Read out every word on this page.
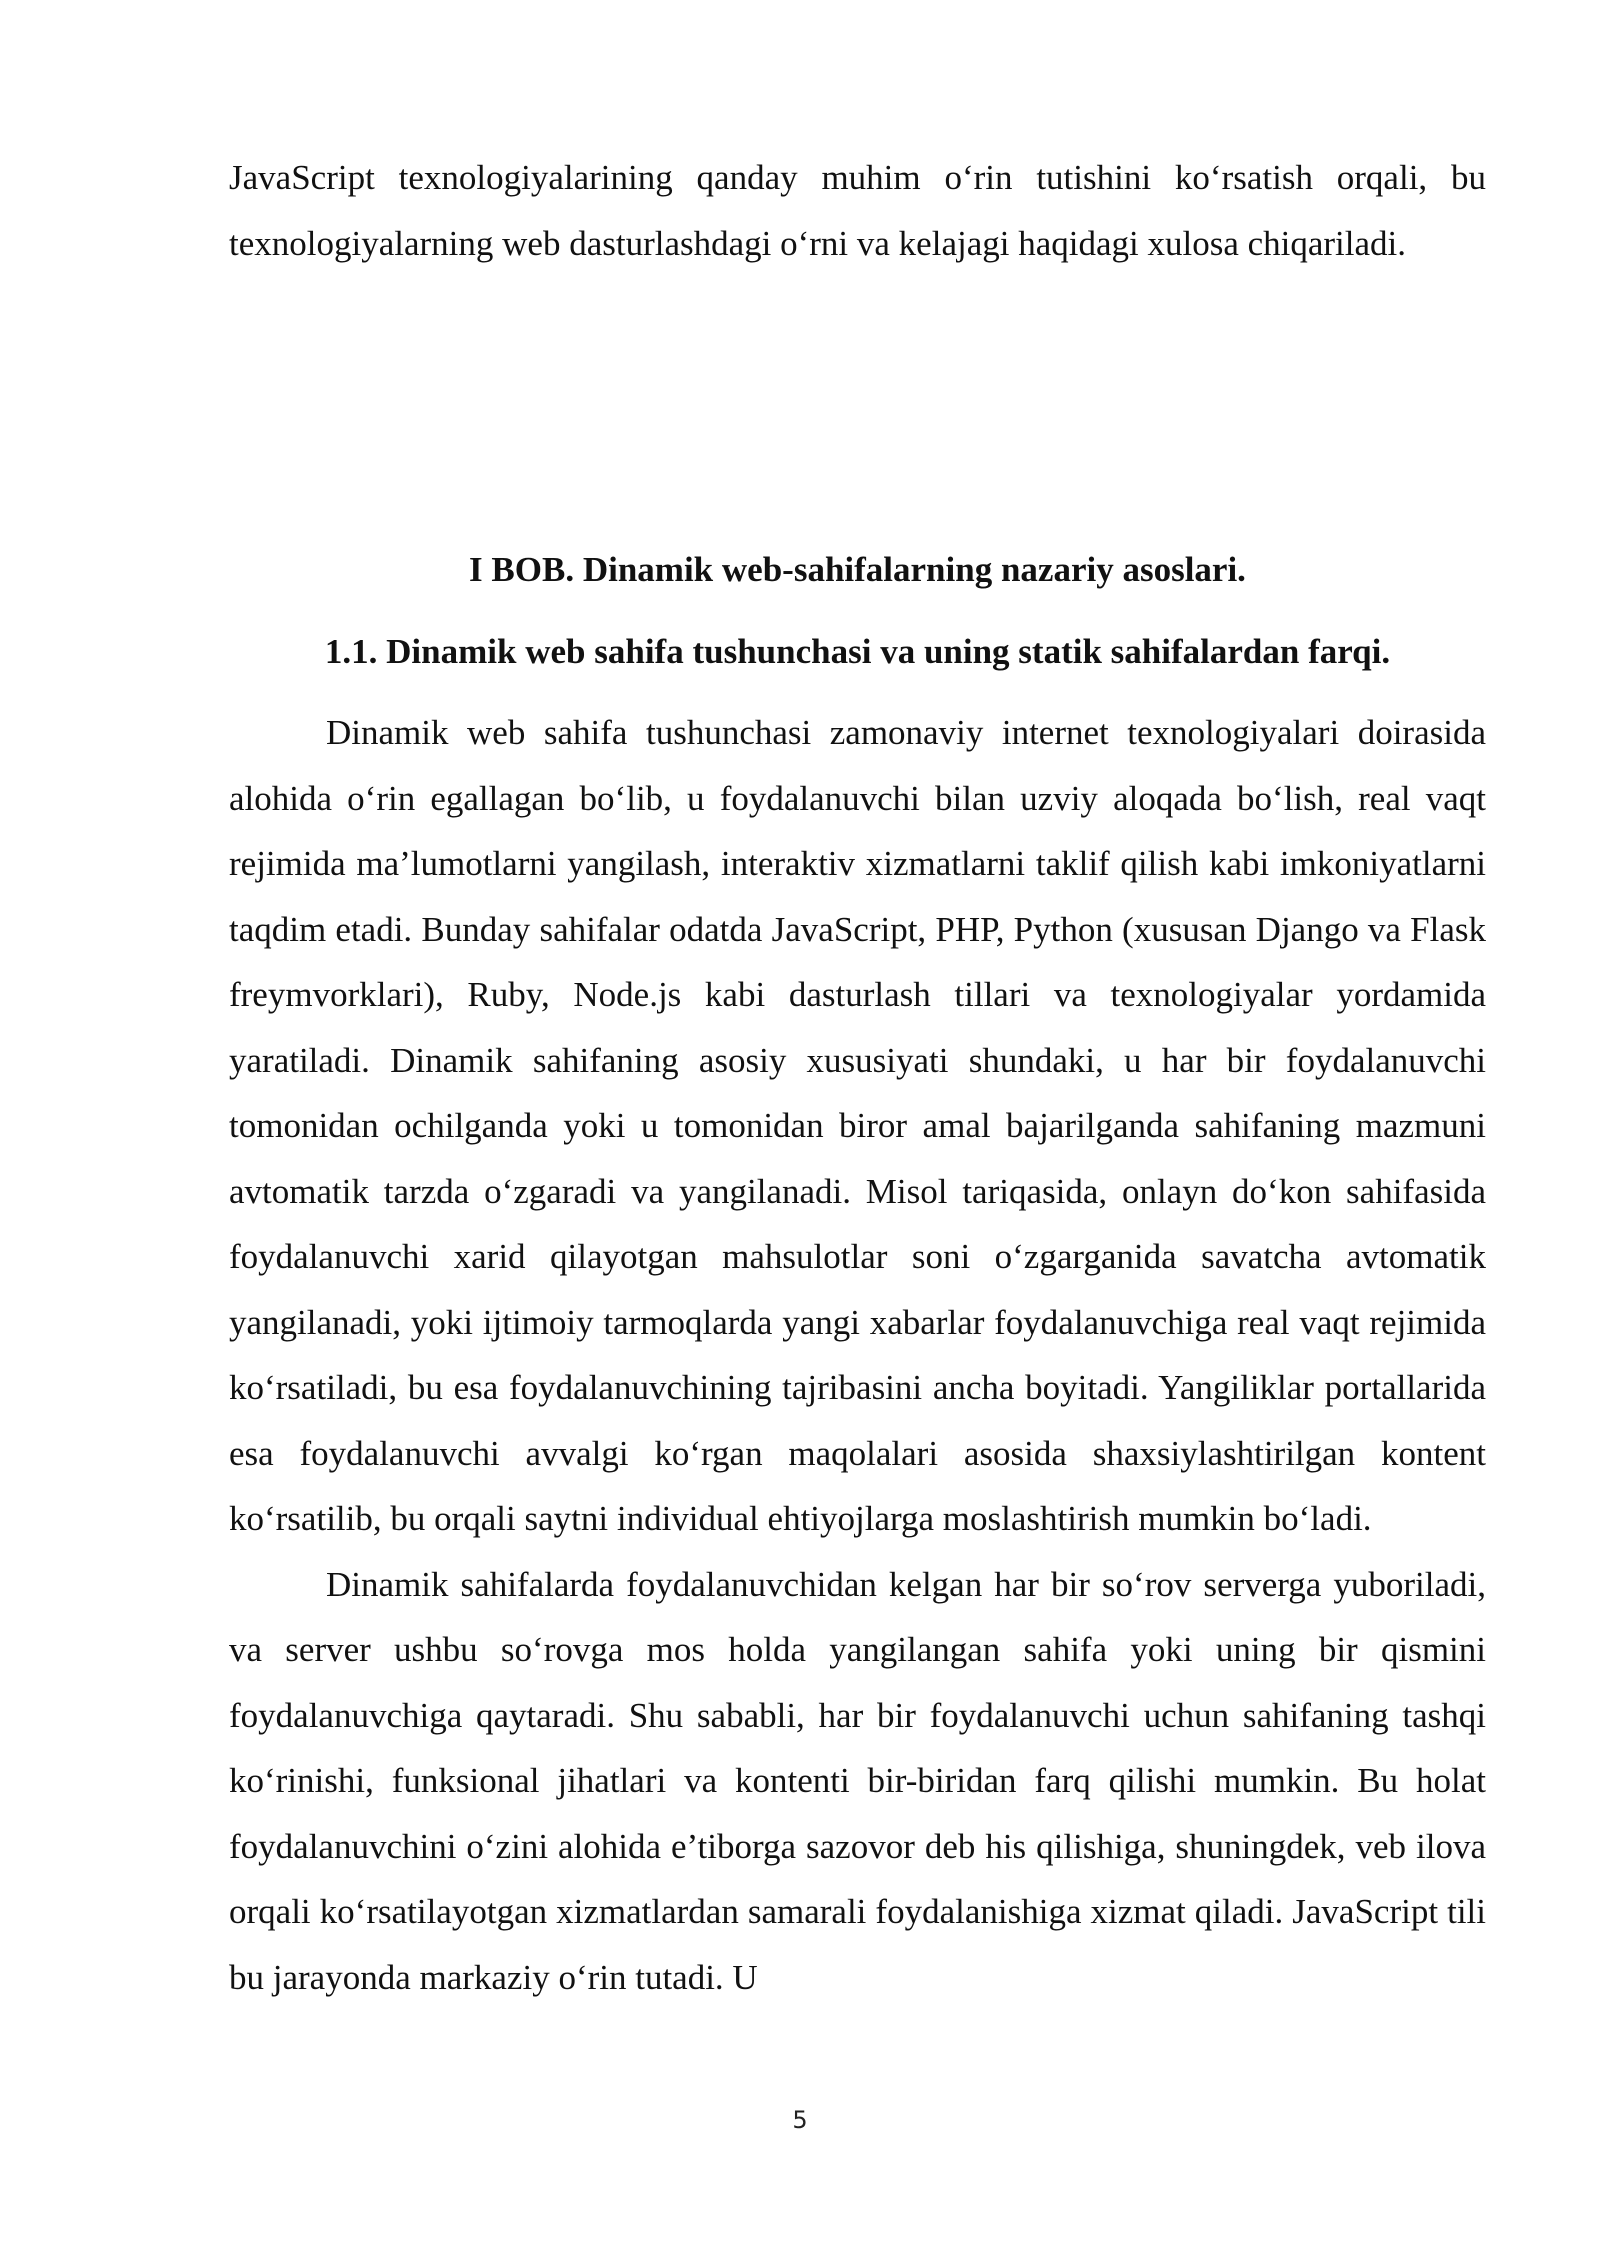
JavaScript texnologiyalarining qanday muhim o‘rin tutishini ko‘rsatish orqali, bu texnologiyalarning web dasturlashdagi o‘rni va kelajagi haqidagi xulosa chiqariladi.

I BOB. Dinamik web-sahifalarning nazariy asoslari.
1.1. Dinamik web sahifa tushunchasi va uning statik sahifalardan farqi.

Dinamik web sahifa tushunchasi zamonaviy internet texnologiyalari doirasida alohida o‘rin egallagan bo‘lib, u foydalanuvchi bilan uzviy aloqada bo‘lish, real vaqt rejimida ma’lumotlarni yangilash, interaktiv xizmatlarni taklif qilish kabi imkoniyatlarni taqdim etadi. Bunday sahifalar odatda JavaScript, PHP, Python (xususan Django va Flask freymvorklari), Ruby, Node.js kabi dasturlash tillari va texnologiyalar yordamida yaratiladi. Dinamik sahifaning asosiy xususiyati shundaki, u har bir foydalanuvchi tomonidan ochilganda yoki u tomonidan biror amal bajarilganda sahifaning mazmuni avtomatik tarzda o‘zgaradi va yangilanadi. Misol tariqasida, onlayn do‘kon sahifasida foydalanuvchi xarid qilayotgan mahsulotlar soni o‘zgarganida savatcha avtomatik yangilanadi, yoki ijtimoiy tarmoqlarda yangi xabarlar foydalanuvchiga real vaqt rejimida ko‘rsatiladi, bu esa foydalanuvchining tajribasini ancha boyitadi. Yangiliklar portallarida esa foydalanuvchi avvalgi ko‘rgan maqolalari asosida shaxsiylashtirilgan kontent ko‘rsatilib, bu orqali saytni individual ehtiyojlarga moslashtirish mumkin bo‘ladi.

Dinamik sahifalarda foydalanuvchidan kelgan har bir so‘rov serverga yuboriladi, va server ushbu so‘rovga mos holda yangilangan sahifa yoki uning bir qismini foydalanuvchiga qaytaradi. Shu sababli, har bir foydalanuvchi uchun sahifaning tashqi ko‘rinishi, funksional jihatlari va kontenti bir-biridan farq qilishi mumkin. Bu holat foydalanuvchini o‘zini alohida e’tiborga sazovor deb his qilishiga, shuningdek, veb ilova orqali ko‘rsatilayotgan xizmatlardan samarali foydalanishiga xizmat qiladi. JavaScript tili bu jarayonda markaziy o‘rin tutadi. U

5
